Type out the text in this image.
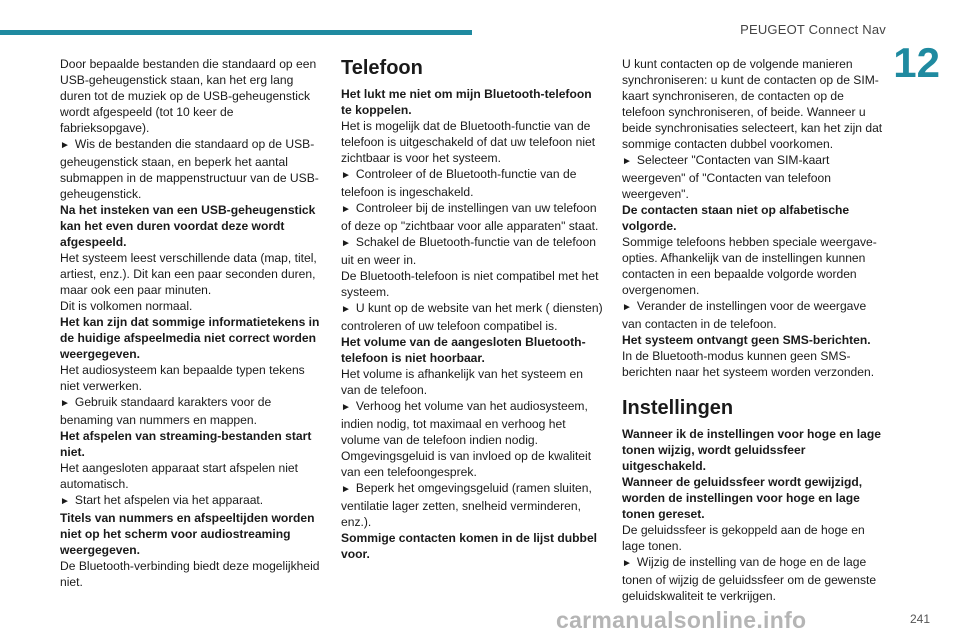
PEUGEOT Connect Nav
12

Door bepaalde bestanden die standaard op een USB-geheugenstick staan, kan het erg lang duren tot de muziek op de USB-geheugenstick wordt afgespeeld (tot 10 keer de fabrieksopgave).

► Wis de bestanden die standaard op de USB-geheugenstick staan, en beperk het aantal submappen in de mappenstructuur van de USB-geheugenstick.

Na het insteken van een USB-geheugenstick kan het even duren voordat deze wordt afgespeeld.

Het systeem leest verschillende data (map, titel, artiest, enz.). Dit kan een paar seconden duren, maar ook een paar minuten.

Dit is volkomen normaal.

Het kan zijn dat sommige informatietekens in de huidige afspeelmedia niet correct worden weergegeven.

Het audiosysteem kan bepaalde typen tekens niet verwerken.

► Gebruik standaard karakters voor de benaming van nummers en mappen.

Het afspelen van streaming-bestanden start niet.

Het aangesloten apparaat start afspelen niet automatisch.

► Start het afspelen via het apparaat.

Titels van nummers en afspeeltijden worden niet op het scherm voor audiostreaming weergegeven.

De Bluetooth-verbinding biedt deze mogelijkheid niet.

Telefoon

Het lukt me niet om mijn Bluetooth-telefoon te koppelen.

Het is mogelijk dat de Bluetooth-functie van de telefoon is uitgeschakeld of dat uw telefoon niet zichtbaar is voor het systeem.

► Controleer of de Bluetooth-functie van de telefoon is ingeschakeld.

► Controleer bij de instellingen van uw telefoon of deze op "zichtbaar voor alle apparaten" staat.

► Schakel de Bluetooth-functie van de telefoon uit en weer in.

De Bluetooth-telefoon is niet compatibel met het systeem.

► U kunt op de website van het merk ( diensten) controleren of uw telefoon compatibel is.

Het volume van de aangesloten Bluetooth-telefoon is niet hoorbaar.

Het volume is afhankelijk van het systeem en van de telefoon.

► Verhoog het volume van het audiosysteem, indien nodig, tot maximaal en verhoog het volume van de telefoon indien nodig.

Omgevingsgeluid is van invloed op de kwaliteit van een telefoongesprek.

► Beperk het omgevingsgeluid (ramen sluiten, ventilatie lager zetten, snelheid verminderen, enz.).

Sommige contacten komen in de lijst dubbel voor.

U kunt contacten op de volgende manieren synchroniseren: u kunt de contacten op de SIM-kaart synchroniseren, de contacten op de telefoon synchroniseren, of beide. Wanneer u beide synchronisaties selecteert, kan het zijn dat sommige contacten dubbel voorkomen.

► Selecteer "Contacten van SIM-kaart weergeven" of "Contacten van telefoon weergeven".

De contacten staan niet op alfabetische volgorde.

Sommige telefoons hebben speciale weergave-opties. Afhankelijk van de instellingen kunnen contacten in een bepaalde volgorde worden overgenomen.

► Verander de instellingen voor de weergave van contacten in de telefoon.

Het systeem ontvangt geen SMS-berichten.

In de Bluetooth-modus kunnen geen SMS-berichten naar het systeem worden verzonden.

Instellingen

Wanneer ik de instellingen voor hoge en lage tonen wijzig, wordt geluidssfeer uitgeschakeld.

Wanneer de geluidssfeer wordt gewijzigd, worden de instellingen voor hoge en lage tonen gereset.

De geluidssfeer is gekoppeld aan de hoge en lage tonen.

► Wijzig de instelling van de hoge en de lage tonen of wijzig de geluidssfeer om de gewenste geluidskwaliteit te verkrijgen.

carmanualsonline.info	241
